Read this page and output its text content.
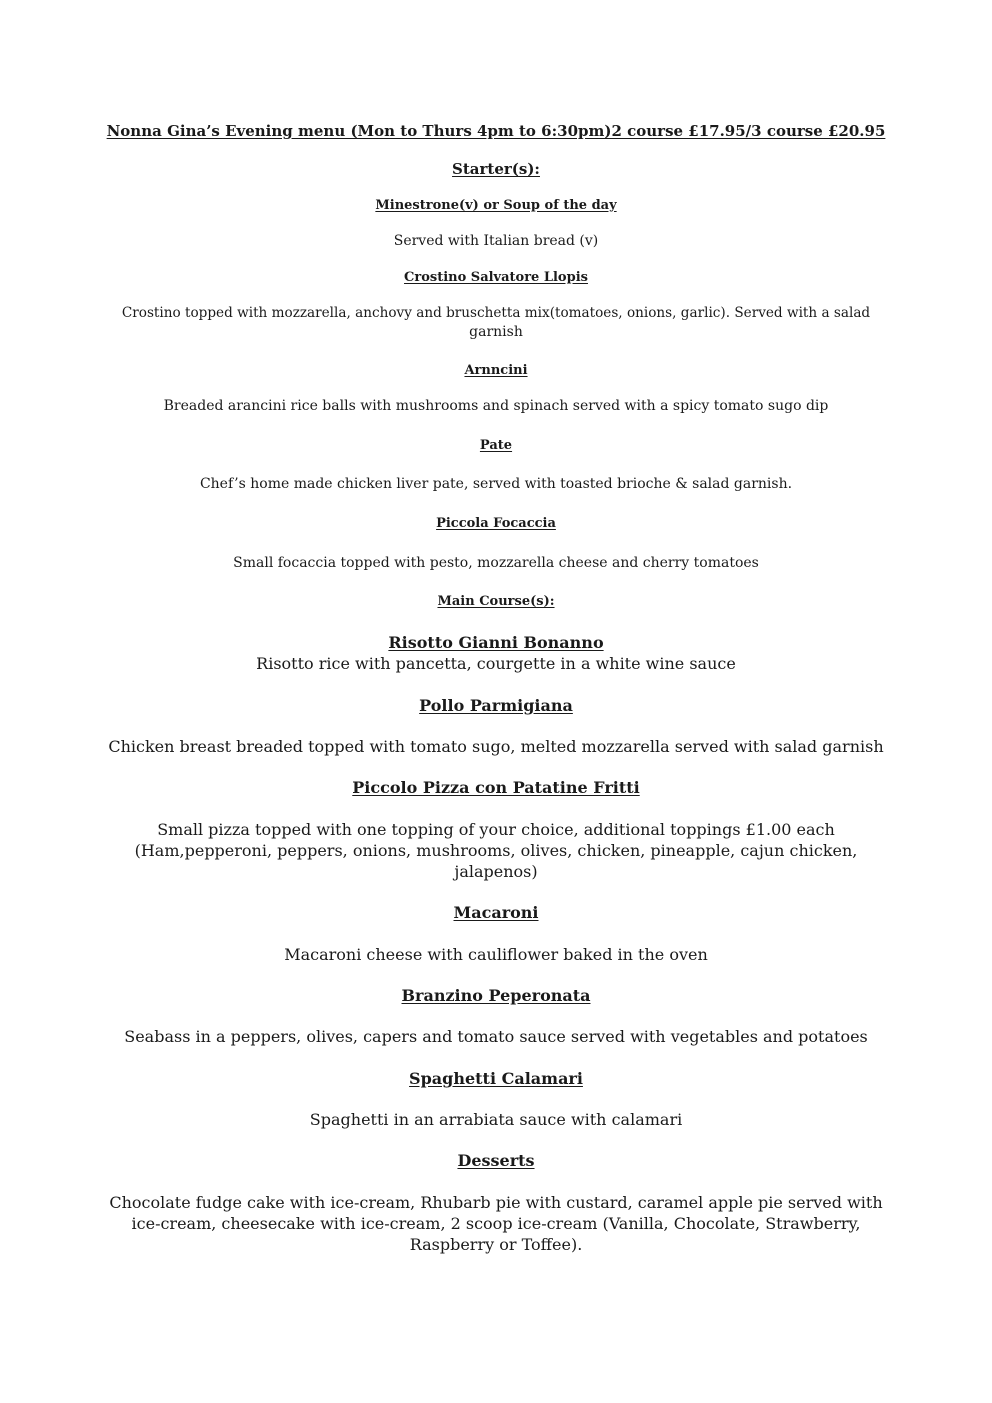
Nonna Gina’s Evening menu (Mon to Thurs 4pm to 6:30pm)2 course £17.95/3 course £20.95

Starter(s):

Minestrone(v) or Soup of the day

Served with Italian bread (v)

Crostino Salvatore Llopis

Crostino topped with mozzarella, anchovy and bruschetta mix(tomatoes, onions, garlic). Served with a salad

garnish

Arnncini

Breaded arancini rice balls with mushrooms and spinach served with a spicy tomato sugo dip

Pate

Chef’s home made chicken liver pate, served with toasted brioche & salad garnish.

Piccola Focaccia

Small focaccia topped with pesto, mozzarella cheese and cherry tomatoes

Main Course(s):

Risotto Gianni Bonanno

Risotto rice with pancetta, courgette in a white wine sauce

Pollo Parmigiana

Chicken breast breaded topped with tomato sugo, melted mozzarella served with salad garnish

Piccolo Pizza con Patatine Fritti

Small pizza topped with one topping of your choice, additional toppings £1.00 each

(Ham,pepperoni, peppers, onions, mushrooms, olives, chicken, pineapple, cajun chicken,

jalapenos)

Macaroni

Macaroni cheese with cauliflower baked in the oven

Branzino Peperonata

Seabass in a peppers, olives, capers and tomato sauce served with vegetables and potatoes

Spaghetti Calamari

Spaghetti in an arrabiata sauce with calamari

Desserts

Chocolate fudge cake with ice-cream, Rhubarb pie with custard, caramel apple pie served with

ice-cream, cheesecake with ice-cream, 2 scoop ice-cream (Vanilla, Chocolate, Strawberry,

Raspberry or Toffee).
